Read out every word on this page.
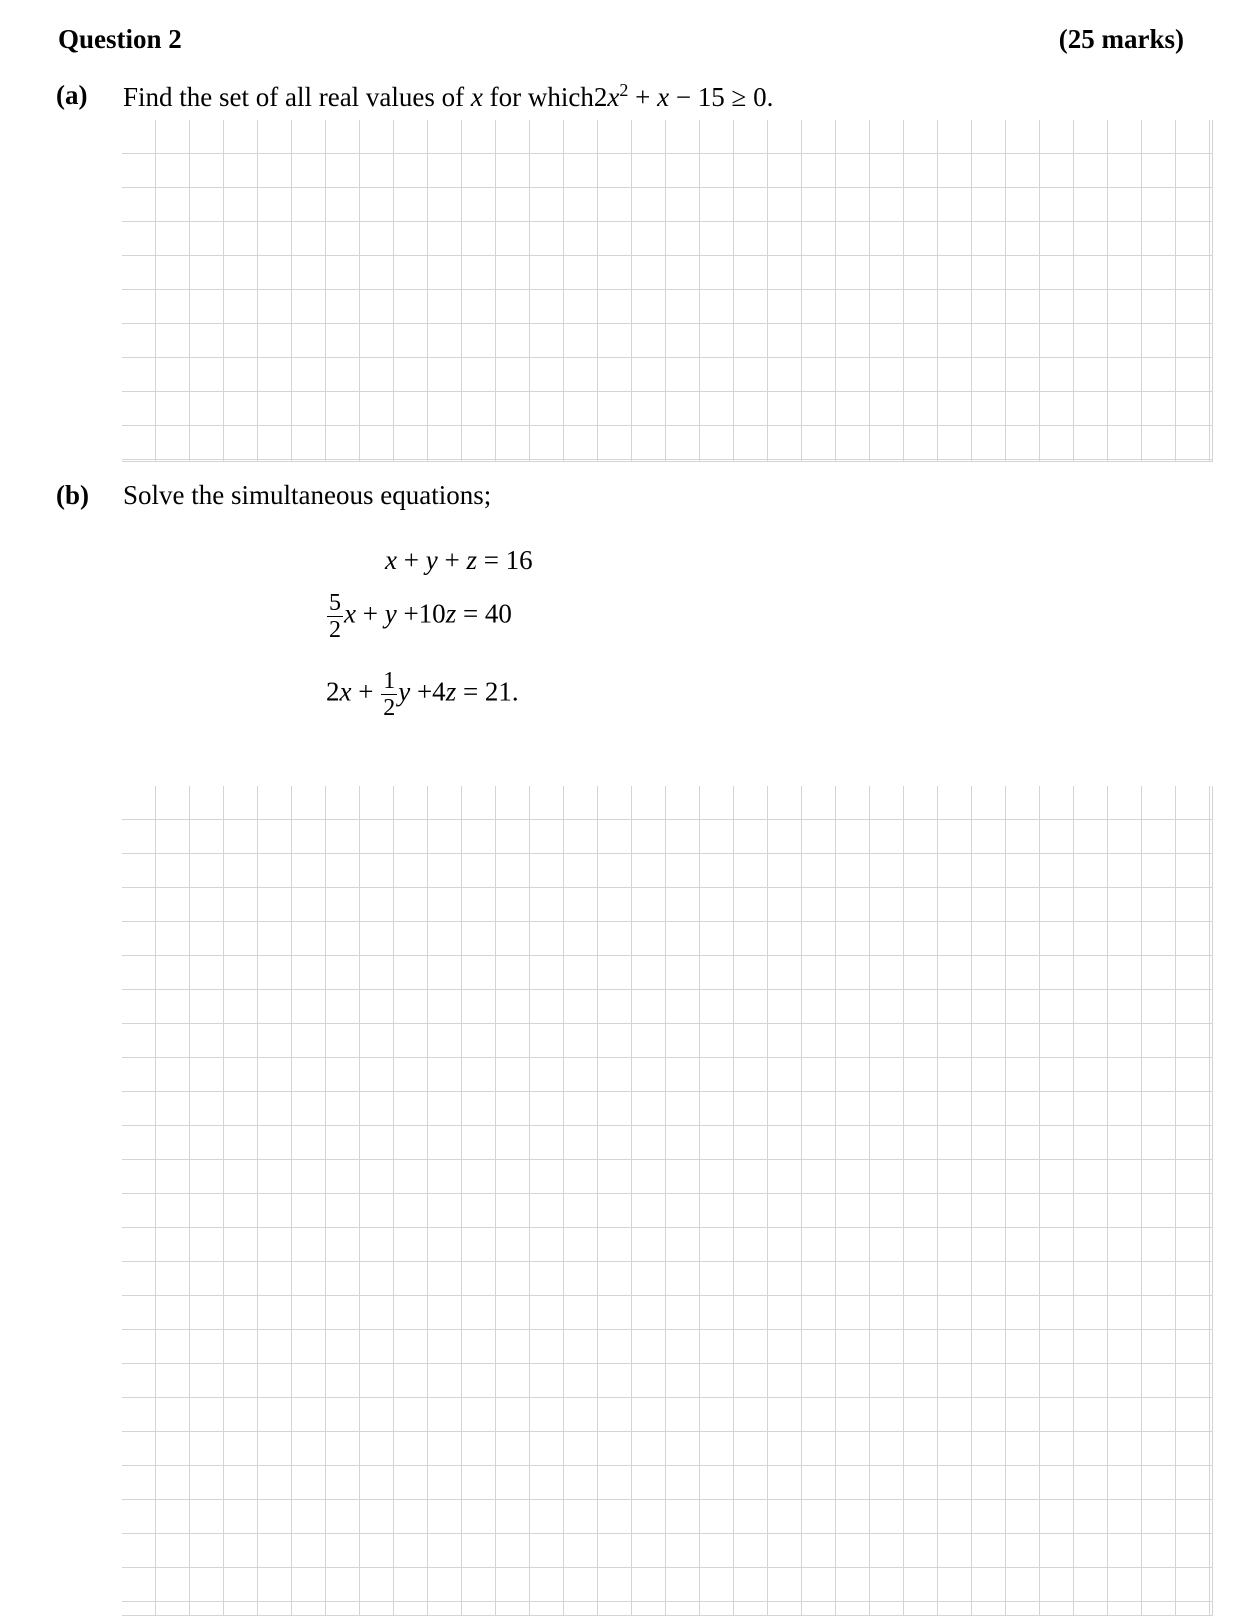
Question 2	(25 marks)
(a) Find the set of all real values of x for $which2x^2 + x - 15 \ge 0$.
(b) Solve the simultaneous equations;
x + y + z = 16
$\frac{5}{2}$ x + y +10z = 40
$2x + \frac{1}{2}$ y +4z = 21.
